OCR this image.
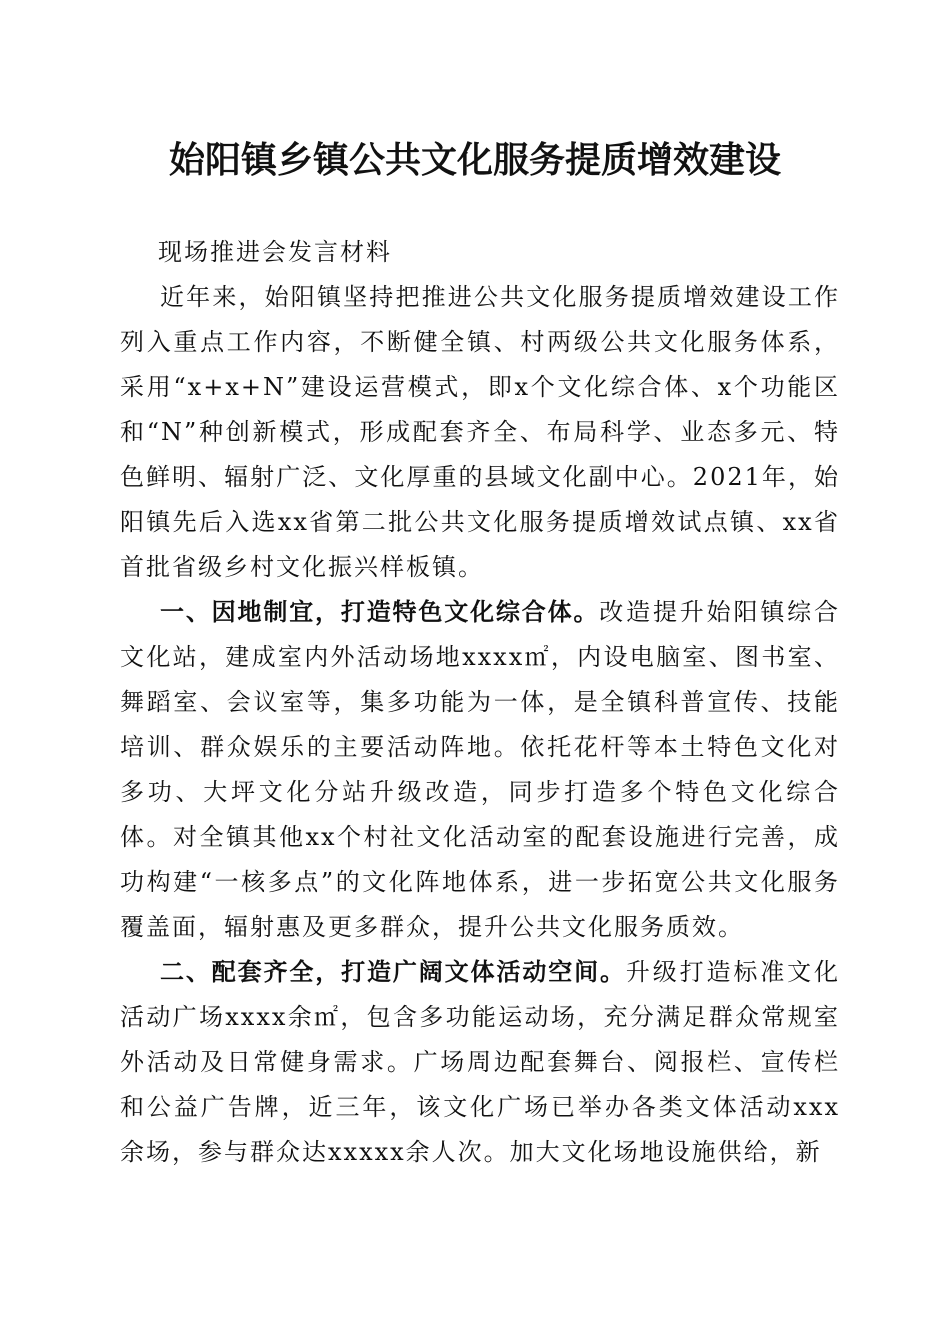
始阳镇乡镇公共文化服务提质增效建设

现场推进会发言材料

近年来，始阳镇坚持把推进公共文化服务提质增效建设工作列入重点工作内容，不断健全镇、村两级公共文化服务体系，采用“x+x+N”建设运营模式，即x个文化综合体、x个功能区和“N”种创新模式，形成配套齐全、布局科学、业态多元、特色鲜明、辐射广泛、文化厚重的县域文化副中心。2021年，始阳镇先后入选xx省第二批公共文化服务提质增效试点镇、xx省首批省级乡村文化振兴样板镇。

一、因地制宜，打造特色文化综合体。改造提升始阳镇综合文化站，建成室内外活动场地xxxx㎡，内设电脑室、图书室、舞蹈室、会议室等，集多功能为一体，是全镇科普宣传、技能培训、群众娱乐的主要活动阵地。依托花杆等本土特色文化对多功、大坪文化分站升级改造，同步打造多个特色文化综合体。对全镇其他xx个村社文化活动室的配套设施进行完善，成功构建“一核多点”的文化阵地体系，进一步拓宽公共文化服务覆盖面，辐射惠及更多群众，提升公共文化服务质效。

二、配套齐全，打造广阔文体活动空间。升级打造标准文化活动广场xxxx余㎡，包含多功能运动场，充分满足群众常规室外活动及日常健身需求。广场周边配套舞台、阅报栏、宣传栏和公益广告牌，近三年，该文化广场已举办各类文体活动xxx余场，参与群众达xxxxx余人次。加大文化场地设施供给，新
